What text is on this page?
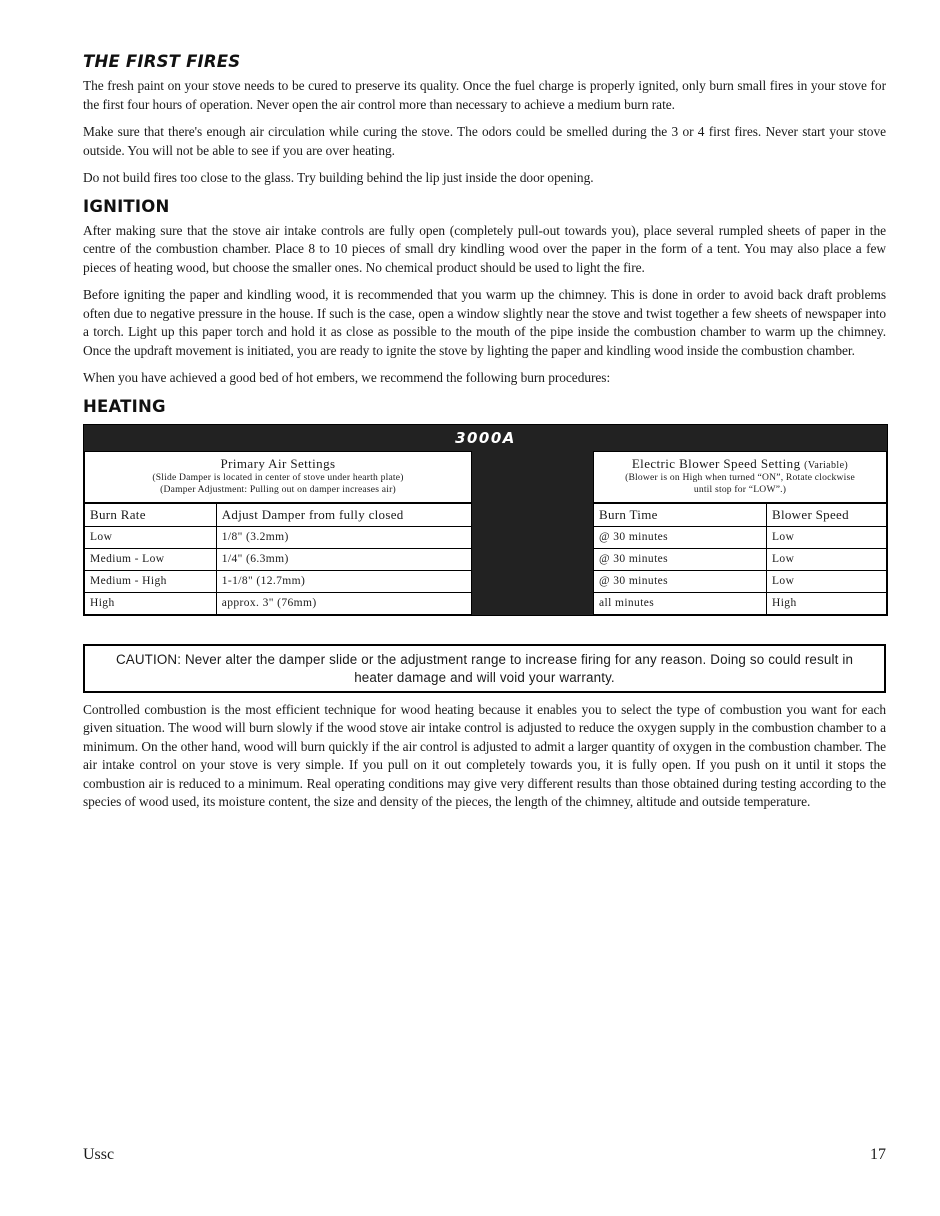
THE FIRST FIRES

The fresh paint on your stove needs to be cured to preserve its quality. Once the fuel charge is properly ignited, only burn small fires in your stove for the first four hours of operation. Never open the air control more than necessary to achieve a medium burn rate.

Make sure that there's enough air circulation while curing the stove. The odors could be smelled during the 3 or 4 first fires. Never start your stove outside. You will not be able to see if you are over heating.

Do not build fires too close to the glass. Try building behind the lip just inside the door opening.

IGNITION

After making sure that the stove air intake controls are fully open (completely pull-out towards you), place several rumpled sheets of paper in the centre of the combustion chamber. Place 8 to 10 pieces of small dry kindling wood over the paper in the form of a tent. You may also place a few pieces of heating wood, but choose the smaller ones. No chemical product should be used to light the fire.

Before igniting the paper and kindling wood, it is recommended that you warm up the chimney. This is done in order to avoid back draft problems often due to negative pressure in the house. If such is the case, open a window slightly near the stove and twist together a few sheets of newspaper into a torch. Light up this paper torch and hold it as close as possible to the mouth of the pipe inside the combustion chamber to warm up the chimney. Once the updraft movement is initiated, you are ready to ignite the stove by lighting the paper and kindling wood inside the combustion chamber.

When you have achieved a good bed of hot embers, we recommend the following burn procedures:

HEATING
3000A
Primary Air Settings
(Slide Damper is located in center of stove under hearth plate)
(Damper Adjustment: Pulling out on damper increases air)
Burn Rate	Adjust Damper from fully closed
Low	1/8" (3.2mm)
Medium - Low	1/4" (6.3mm)
Medium - High	1-1/8" (12.7mm)
High	approx. 3" (76mm)
Electric Blower Speed Setting (Variable)
(Blower is on High when turned “ON”, Rotate clockwise
until stop for “LOW”.)
Burn Time	Blower Speed
@ 30 minutes	Low
@ 30 minutes	Low
@ 30 minutes	Low
all minutes	High
CAUTION: Never alter the damper slide or the adjustment range to increase firing for any reason. Doing so could result in heater damage and will void your warranty.

Controlled combustion is the most efficient technique for wood heating because it enables you to select the type of combustion you want for each given situation. The wood will burn slowly if the wood stove air intake control is adjusted to reduce the oxygen supply in the combustion chamber to a minimum. On the other hand, wood will burn quickly if the air control is adjusted to admit a larger quantity of oxygen in the combustion chamber. The air intake control on your stove is very simple. If you pull on it out completely towards you, it is fully open. If you push on it until it stops the combustion air is reduced to a minimum. Real operating conditions may give very different results than those obtained during testing according to the species of wood used, its moisture content, the size and density of the pieces, the length of the chimney, altitude and outside temperature.

Ussc	17
